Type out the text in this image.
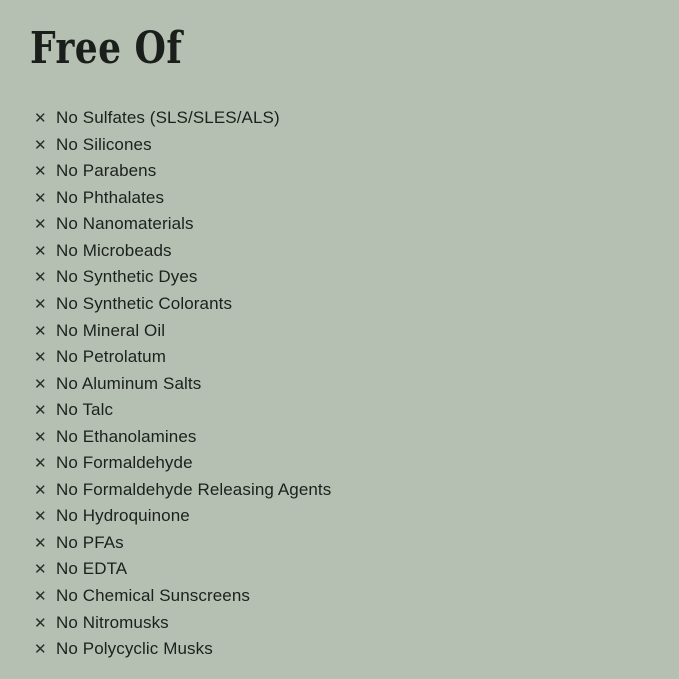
Free Of
✕ No Sulfates (SLS/SLES/ALS)
✕ No Silicones
✕ No Parabens
✕ No Phthalates
✕ No Nanomaterials
✕ No Microbeads
✕ No Synthetic Dyes
✕ No Synthetic Colorants
✕ No Mineral Oil
✕ No Petrolatum
✕ No Aluminum Salts
✕ No Talc
✕ No Ethanolamines
✕ No Formaldehyde
✕ No Formaldehyde Releasing Agents
✕ No Hydroquinone
✕ No PFAs
✕ No EDTA
✕ No Chemical Sunscreens
✕ No Nitromusks
✕ No Polycyclic Musks
